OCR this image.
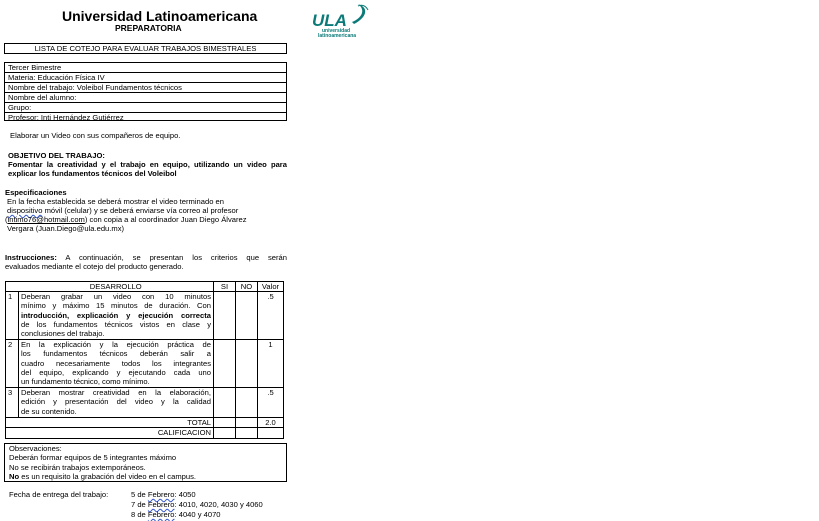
Universidad Latinoamericana
PREPARATORIA	ULA
universidad
latinoamericana
LISTA DE COTEJO PARA EVALUAR TRABAJOS BIMESTRALES
Tercer Bimestre
Materia: Educación Física IV
Nombre del trabajo: Voleibol Fundamentos técnicos
Nombre del alumno:
Grupo:
Profesor: Inti Hernández Gutiérrez
Elaborar un Video con sus compañeros de equipo.
OBJETIVO DEL TRABAJO:
Fomentar la creatividad y el trabajo en equipo, utilizando un video para
explicar los fundamentos técnicos del Voleibol
Especificaciones
En la fecha establecida se deberá mostrar el video terminado en
dispositivo móvil (celular) y se deberá enviarse vía correo al profesor
(intimo76@hotmail.com) con copia a al coordinador Juan Diego Álvarez
Vergara (Juan.Diego@ula.edu.mx)
Instrucciones: A continuación, se presentan los criterios que serán
evaluados mediante el cotejo del producto generado.
	DESARROLLO	SI	NO	Valor
1	Deberan grabar un video con 10 minutos
mínimo y máximo 15 minutos de duración. Con
introducción, explicación y ejecución correcta
de los fundamentos técnicos vistos en clase y
conclusiones del trabajo.			.5
2	En la explicación y la ejecución práctica de
los fundamentos técnicos deberán salir a
cuadro necesariamente todos los integrantes
del equipo, explicando y ejecutando cada uno
un fundamento técnico, como mínimo.			1
3	Deberan mostrar creatividad en la elaboración,
edición y presentación del video y la calidad
de su contenido.			.5
	TOTAL			2.0
	CALIFICACION			
Observaciones:
Deberán formar equipos de 5 integrantes máximo
No se recibirán trabajos extemporáneos.
No es un requisito la grabación del video en el campus.
Fecha de entrega del trabajo:	5 de Febrero: 4050
7 de Febrero: 4010, 4020, 4030 y 4060
8 de Febrero: 4040 y 4070
